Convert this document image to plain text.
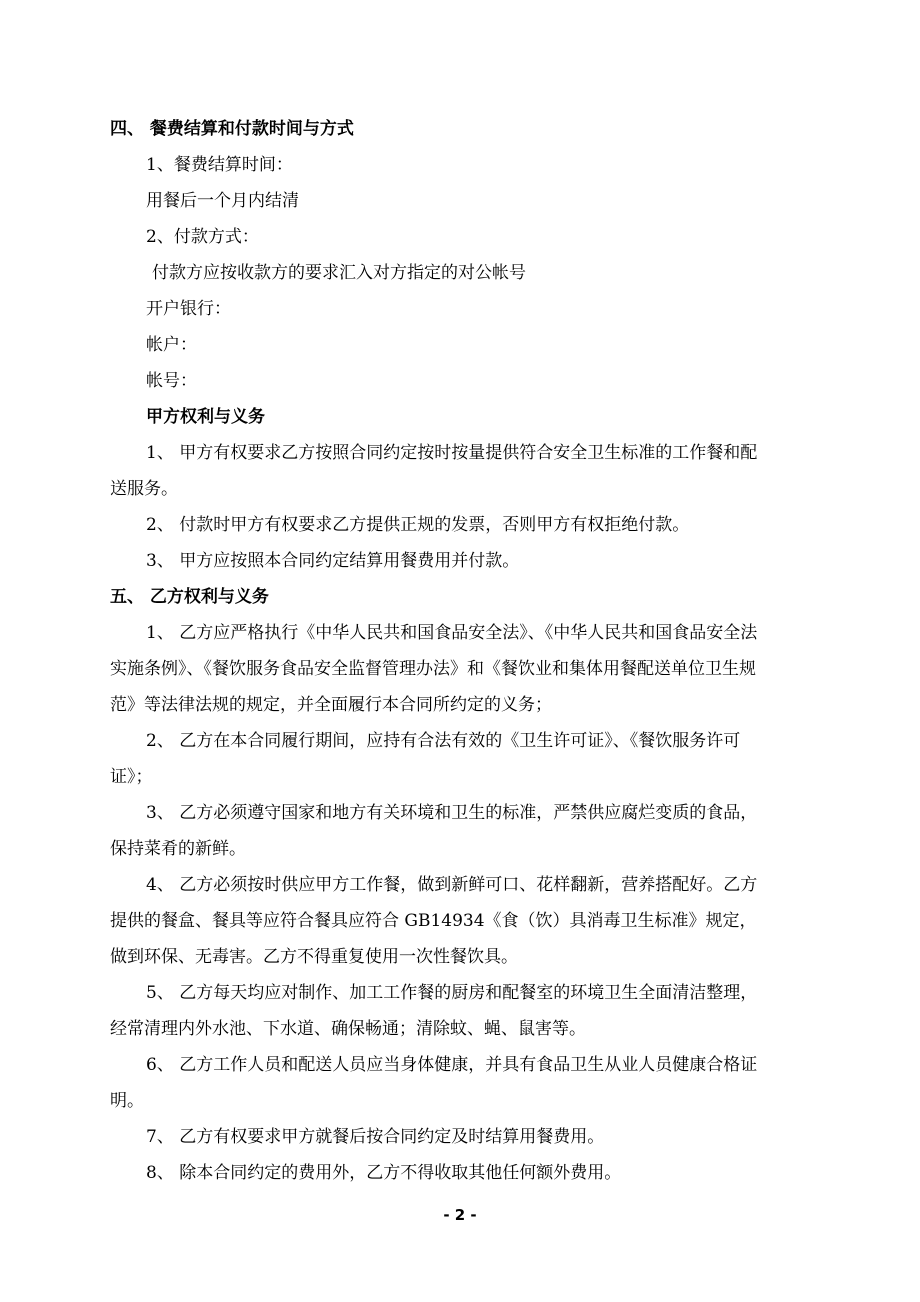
四、 餐费结算和付款时间与方式
1、餐费结算时间：
用餐后一个月内结清
2、付款方式：
付款方应按收款方的要求汇入对方指定的对公帐号
开户银行：
帐户：
帐号：
甲方权利与义务
1、 甲方有权要求乙方按照合同约定按时按量提供符合安全卫生标准的工作餐和配
送服务。
2、 付款时甲方有权要求乙方提供正规的发票，否则甲方有权拒绝付款。
3、 甲方应按照本合同约定结算用餐费用并付款。
五、 乙方权利与义务
1、 乙方应严格执行《中华人民共和国食品安全法》、《中华人民共和国食品安全法
实施条例》、《餐饮服务食品安全监督管理办法》和《餐饮业和集体用餐配送单位卫生规
范》等法律法规的规定，并全面履行本合同所约定的义务；
2、 乙方在本合同履行期间，应持有合法有效的《卫生许可证》、《餐饮服务许可
证》；
3、 乙方必须遵守国家和地方有关环境和卫生的标准，严禁供应腐烂变质的食品，
保持菜肴的新鲜。
4、 乙方必须按时供应甲方工作餐，做到新鲜可口、花样翻新，营养搭配好。乙方
提供的餐盒、餐具等应符合餐具应符合 GB14934《食（饮）具消毒卫生标准》规定，
做到环保、无毒害。乙方不得重复使用一次性餐饮具。
5、 乙方每天均应对制作、加工工作餐的厨房和配餐室的环境卫生全面清洁整理，
经常清理内外水池、下水道、确保畅通；清除蚊、蝇、鼠害等。
6、 乙方工作人员和配送人员应当身体健康，并具有食品卫生从业人员健康合格证
明。
7、 乙方有权要求甲方就餐后按合同约定及时结算用餐费用。
8、 除本合同约定的费用外，乙方不得收取其他任何额外费用。
- 2 -
